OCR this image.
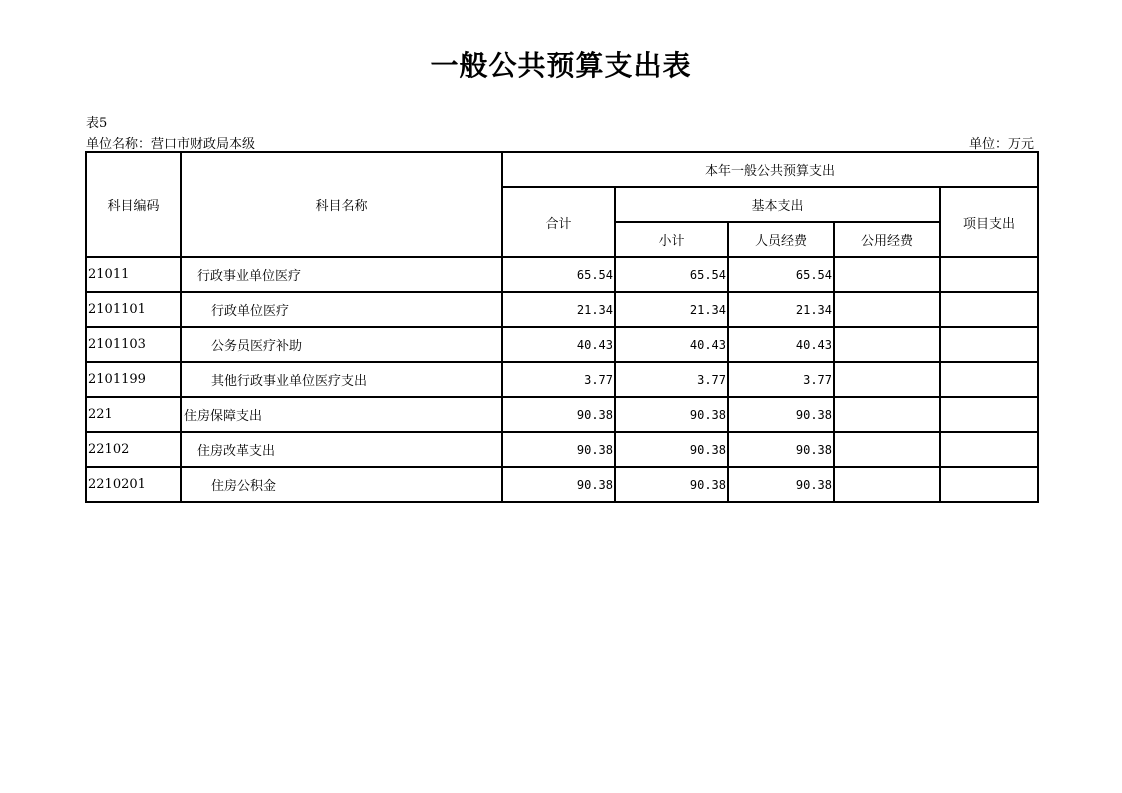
一般公共预算支出表
表5
单位名称：营口市财政局本级	单位：万元
科目编码	科目名称	本年一般公共预算支出				
		合计	基本支出			项目支出
			小计	人员经费	公用经费	
21011	行政事业单位医疗	65.54	65.54	65.54		
2101101	行政单位医疗	21.34	21.34	21.34		
2101103	公务员医疗补助	40.43	40.43	40.43		
2101199	其他行政事业单位医疗支出	3.77	3.77	3.77		
221	住房保障支出	90.38	90.38	90.38		
22102	住房改革支出	90.38	90.38	90.38		
2210201	住房公积金	90.38	90.38	90.38		
